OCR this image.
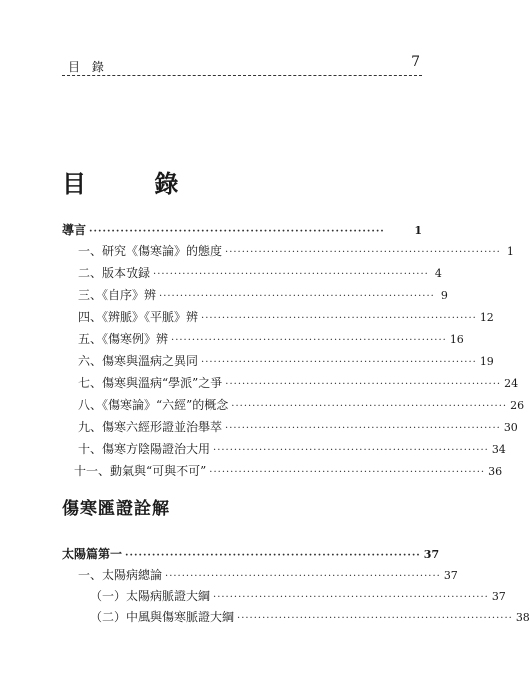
目 錄	7
目 錄
導言 ··································································	1
一、研究《傷寒論》的態度 ·································································· 1
二、版本攷録 ·································································· 4
三、《自序》辨 ·································································· 9
四、《辨脈》《平脈》辨 ·································································· 12
五、《傷寒例》辨 ·································································· 16
六、傷寒與溫病之異同 ·································································· 19
七、傷寒與溫病“學派”之爭 ·································································· 24
八、《傷寒論》“六經”的概念 ·································································· 26
九、傷寒六經形證並治舉萃 ·································································· 30
十、傷寒方陰陽證治大用 ·································································· 34
十一、動氣與“可與不可” ·································································· 36
傷寒匯證詮解
太陽篇第一 ·································································· 37
一、太陽病總論 ·································································· 37
（一）太陽病脈證大綱 ·································································· 37
（二）中風與傷寒脈證大綱 ·································································· 38
